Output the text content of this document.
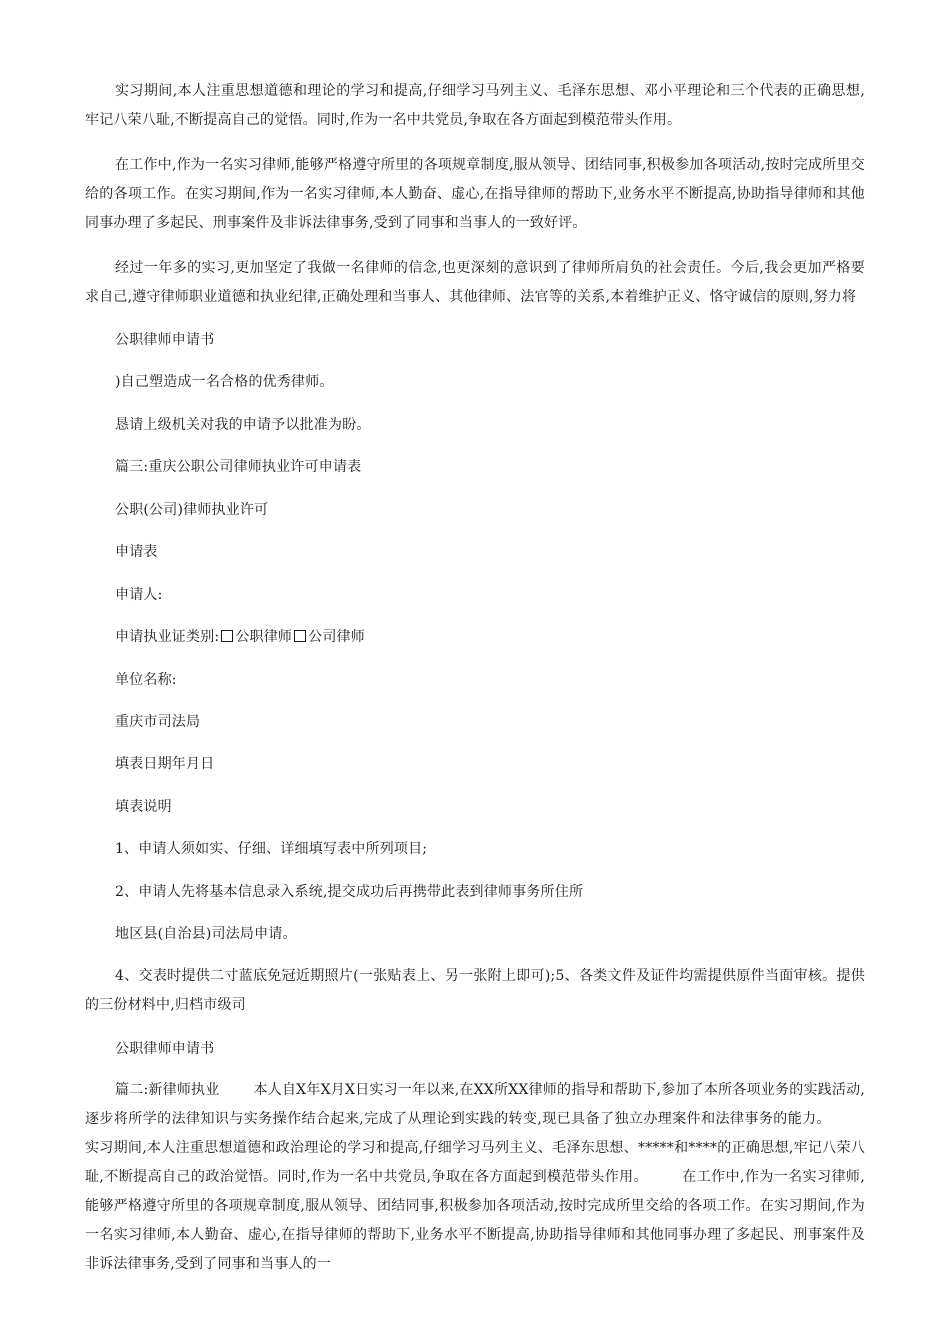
实习期间,本人注重思想道德和理论的学习和提高,仔细学习马列主义、毛泽东思想、邓小平理论和三个代表的正确思想,牢记八荣八耻,不断提高自己的觉悟。同时,作为一名中共党员,争取在各方面起到模范带头作用。

在工作中,作为一名实习律师,能够严格遵守所里的各项规章制度,服从领导、团结同事,积极参加各项活动,按时完成所里交给的各项工作。在实习期间,作为一名实习律师,本人勤奋、虚心,在指导律师的帮助下,业务水平不断提高,协助指导律师和其他同事办理了多起民、刑事案件及非诉法律事务,受到了同事和当事人的一致好评。

经过一年多的实习,更加坚定了我做一名律师的信念,也更深刻的意识到了律师所肩负的社会责任。今后,我会更加严格要求自己,遵守律师职业道德和执业纪律,正确处理和当事人、其他律师、法官等的关系,本着维护正义、恪守诚信的原则,努力将

公职律师申请书

)自己塑造成一名合格的优秀律师。

恳请上级机关对我的申请予以批准为盼。

篇三:重庆公职公司律师执业许可申请表

公职(公司)律师执业许可

申请表

申请人:

申请执业证类别: 公职律师 公司律师

单位名称:

重庆市司法局

填表日期年月日

填表说明

1、申请人须如实、仔细、详细填写表中所列项目;

2、申请人先将基本信息录入系统,提交成功后再携带此表到律师事务所住所

地区县(自治县)司法局申请。

4、交表时提供二寸蓝底免冠近期照片(一张贴表上、另一张附上即可);5、各类文件及证件均需提供原件当面审核。提供的三份材料中,归档市级司

公职律师申请书

篇二:新律师执业 本人自X年X月X日实习一年以来,在XX所XX律师的指导和帮助下,参加了本所各项业务的实践活动,逐步将所学的法律知识与实务操作结合起来,完成了从理论到实践的转变,现已具备了独立办理案件和法律事务的能力。实习期间,本人注重思想道德和政治理论的学习和提高,仔细学习马列主义、毛泽东思想、*****和****的正确思想,牢记八荣八耻,不断提高自己的政治觉悟。同时,作为一名中共党员,争取在各方面起到模范带头作用。 在工作中,作为一名实习律师,能够严格遵守所里的各项规章制度,服从领导、团结同事,积极参加各项活动,按时完成所里交给的各项工作。在实习期间,作为一名实习律师,本人勤奋、虚心,在指导律师的帮助下,业务水平不断提高,协助指导律师和其他同事办理了多起民、刑事案件及非诉法律事务,受到了同事和当事人的一
